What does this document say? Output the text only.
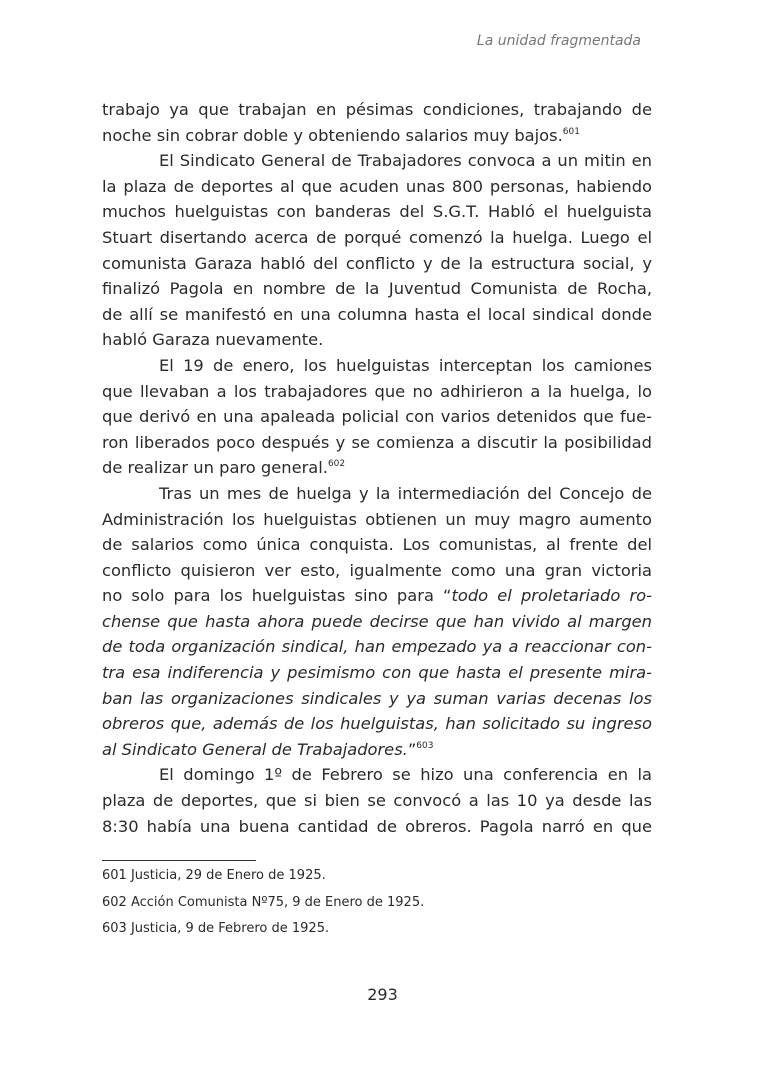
La unidad fragmentada
trabajo ya que trabajan en pésimas condiciones, trabajando de
noche sin cobrar doble y obteniendo salarios muy bajos.$^{601}$
El Sindicato General de Trabajadores convoca a un mitin en
la plaza de deportes al que acuden unas 800 personas, habiendo
muchos huelguistas con banderas del S.G.T. Habló el huelguista
Stuart disertando acerca de porqué comenzó la huelga. Luego el
comunista Garaza habló del conflicto y de la estructura social, y
finalizó Pagola en nombre de la Juventud Comunista de Rocha,
de allí se manifestó en una columna hasta el local sindical donde
habló Garaza nuevamente.
El 19 de enero, los huelguistas interceptan los camiones
que llevaban a los trabajadores que no adhirieron a la huelga, lo
que derivó en una apaleada policial con varios detenidos que fue-
ron liberados poco después y se comienza a discutir la posibilidad
de realizar un paro general.$^{602}$
Tras un mes de huelga y la intermediación del Concejo de
Administración los huelguistas obtienen un muy magro aumento
de salarios como única conquista. Los comunistas, al frente del
conflicto quisieron ver esto, igualmente como una gran victoria
no solo para los huelguistas sino para “todo el proletariado ro-
chense que hasta ahora puede decirse que han vivido al margen
de toda organización sindical, han empezado ya a reaccionar con-
tra esa indiferencia y pesimismo con que hasta el presente mira-
ban las organizaciones sindicales y ya suman varias decenas los
obreros que, además de los huelguistas, han solicitado su ingreso
al Sindicato General de Trabajadores.”$^{603}$
El domingo 1º de Febrero se hizo una conferencia en la
plaza de deportes, que si bien se convocó a las 10 ya desde las
8:30 había una buena cantidad de obreros. Pagola narró en que
601 Justicia, 29 de Enero de 1925.
602 Acción Comunista Nº75, 9 de Enero de 1925.
603 Justicia, 9 de Febrero de 1925.
293
